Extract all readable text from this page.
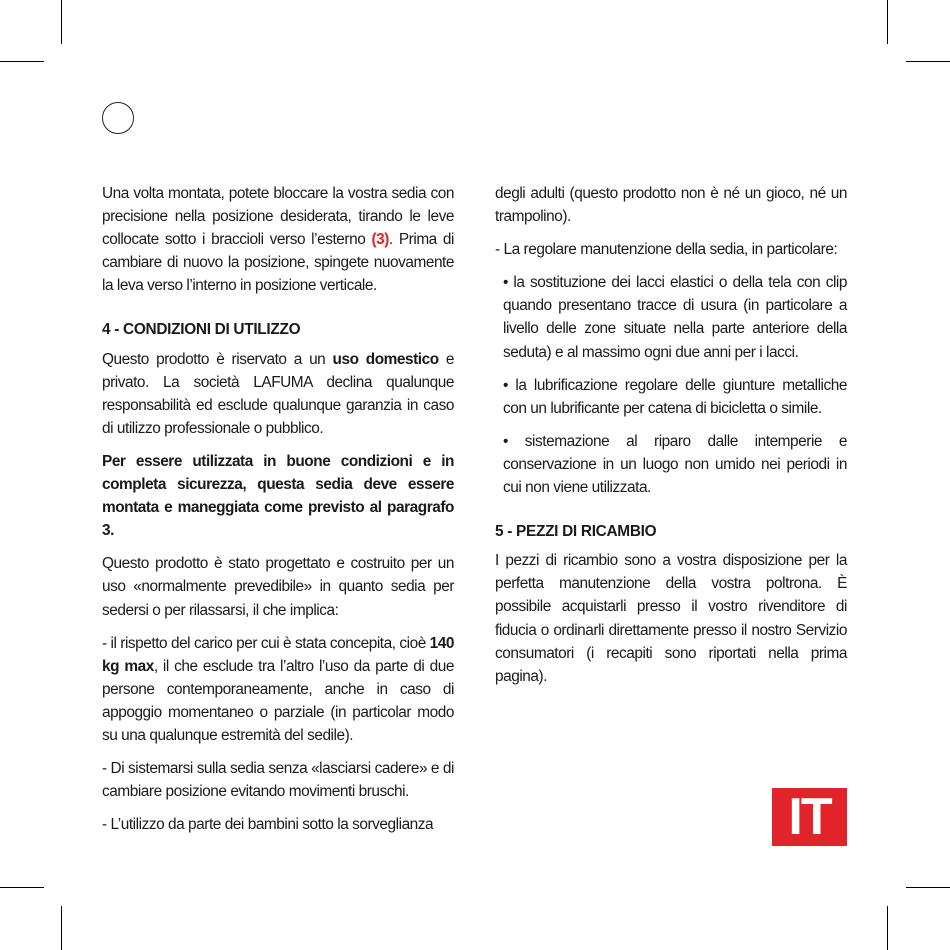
Una volta montata, potete bloccare la vostra sedia con precisione nella posizione desiderata, tirando le leve collocate sotto i braccioli verso l’esterno (3). Prima di cambiare di nuovo la posizione, spingete nuovamente la leva verso l’interno in posizione verticale.

4 - CONDIZIONI DI UTILIZZO

Questo prodotto è riservato a un uso domestico e privato. La società LAFUMA declina qualunque responsabilità ed esclude qualunque garanzia in caso di utilizzo professionale o pubblico.

Per essere utilizzata in buone condizioni e in completa sicurezza, questa sedia deve essere montata e maneggiata come previsto al paragrafo 3.

Questo prodotto è stato progettato e costruito per un uso «normalmente prevedibile» in quanto sedia per sedersi o per rilassarsi, il che implica:

- il rispetto del carico per cui è stata concepita, cioè 140 kg max, il che esclude tra l’altro l’uso da parte di due persone contemporaneamente, anche in caso di appoggio momentaneo o parziale (in particolar modo su una qualunque estremità del sedile).

- Di sistemarsi sulla sedia senza «lasciarsi cadere» e di cambiare posizione evitando movimenti bruschi.

- L’utilizzo da parte dei bambini sotto la sorveglianza

degli adulti (questo prodotto non è né un gioco, né un trampolino).

- La regolare manutenzione della sedia, in particolare:

• la sostituzione dei lacci elastici o della tela con clip quando presentano tracce di usura (in particolare a livello delle zone situate nella parte anteriore della seduta) e al massimo ogni due anni per i lacci.

• la lubrificazione regolare delle giunture metalliche con un lubrificante per catena di bicicletta o simile.

• sistemazione al riparo dalle intemperie e conservazione in un luogo non umido nei periodi in cui non viene utilizzata.

5 - PEZZI DI RICAMBIO

I pezzi di ricambio sono a vostra disposizione per la perfetta manutenzione della vostra poltrona. È possibile acquistarli presso il vostro rivenditore di fiducia o ordinarli direttamente presso il nostro Servizio consumatori (i recapiti sono riportati nella prima pagina).

IT
